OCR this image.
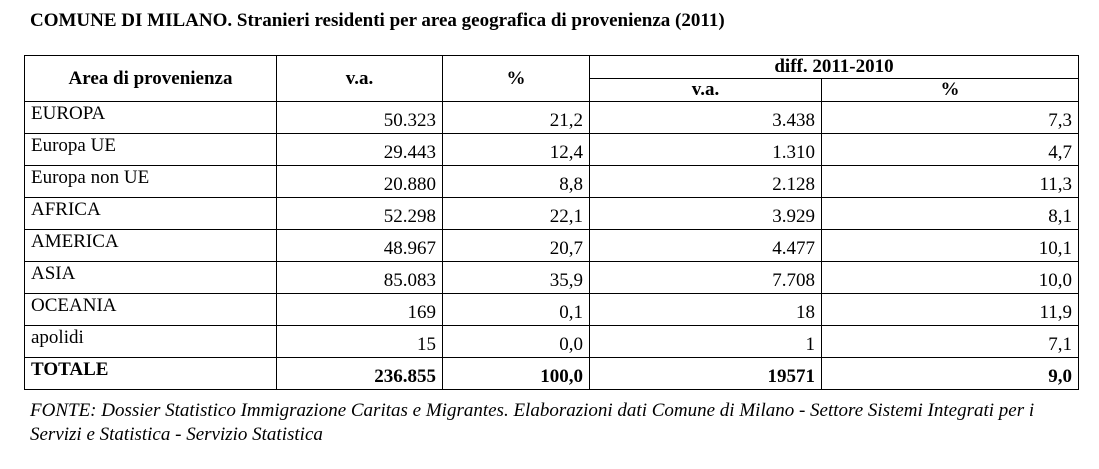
COMUNE DI MILANO. Stranieri residenti per area geografica di provenienza (2011)
Area di provenienza	v.a.	%	diff. 2011-2010	
			v.a.	%
EUROPA	50.323	21,2	3.438	7,3
Europa UE	29.443	12,4	1.310	4,7
Europa non UE	20.880	8,8	2.128	11,3
AFRICA	52.298	22,1	3.929	8,1
AMERICA	48.967	20,7	4.477	10,1
ASIA	85.083	35,9	7.708	10,0
OCEANIA	169	0,1	18	11,9
apolidi	15	0,0	1	7,1
TOTALE	236.855	100,0	19571	9,0
FONTE: Dossier Statistico Immigrazione Caritas e Migrantes. Elaborazioni dati Comune di Milano - Settore Sistemi Integrati per i Servizi e Statistica - Servizio Statistica
